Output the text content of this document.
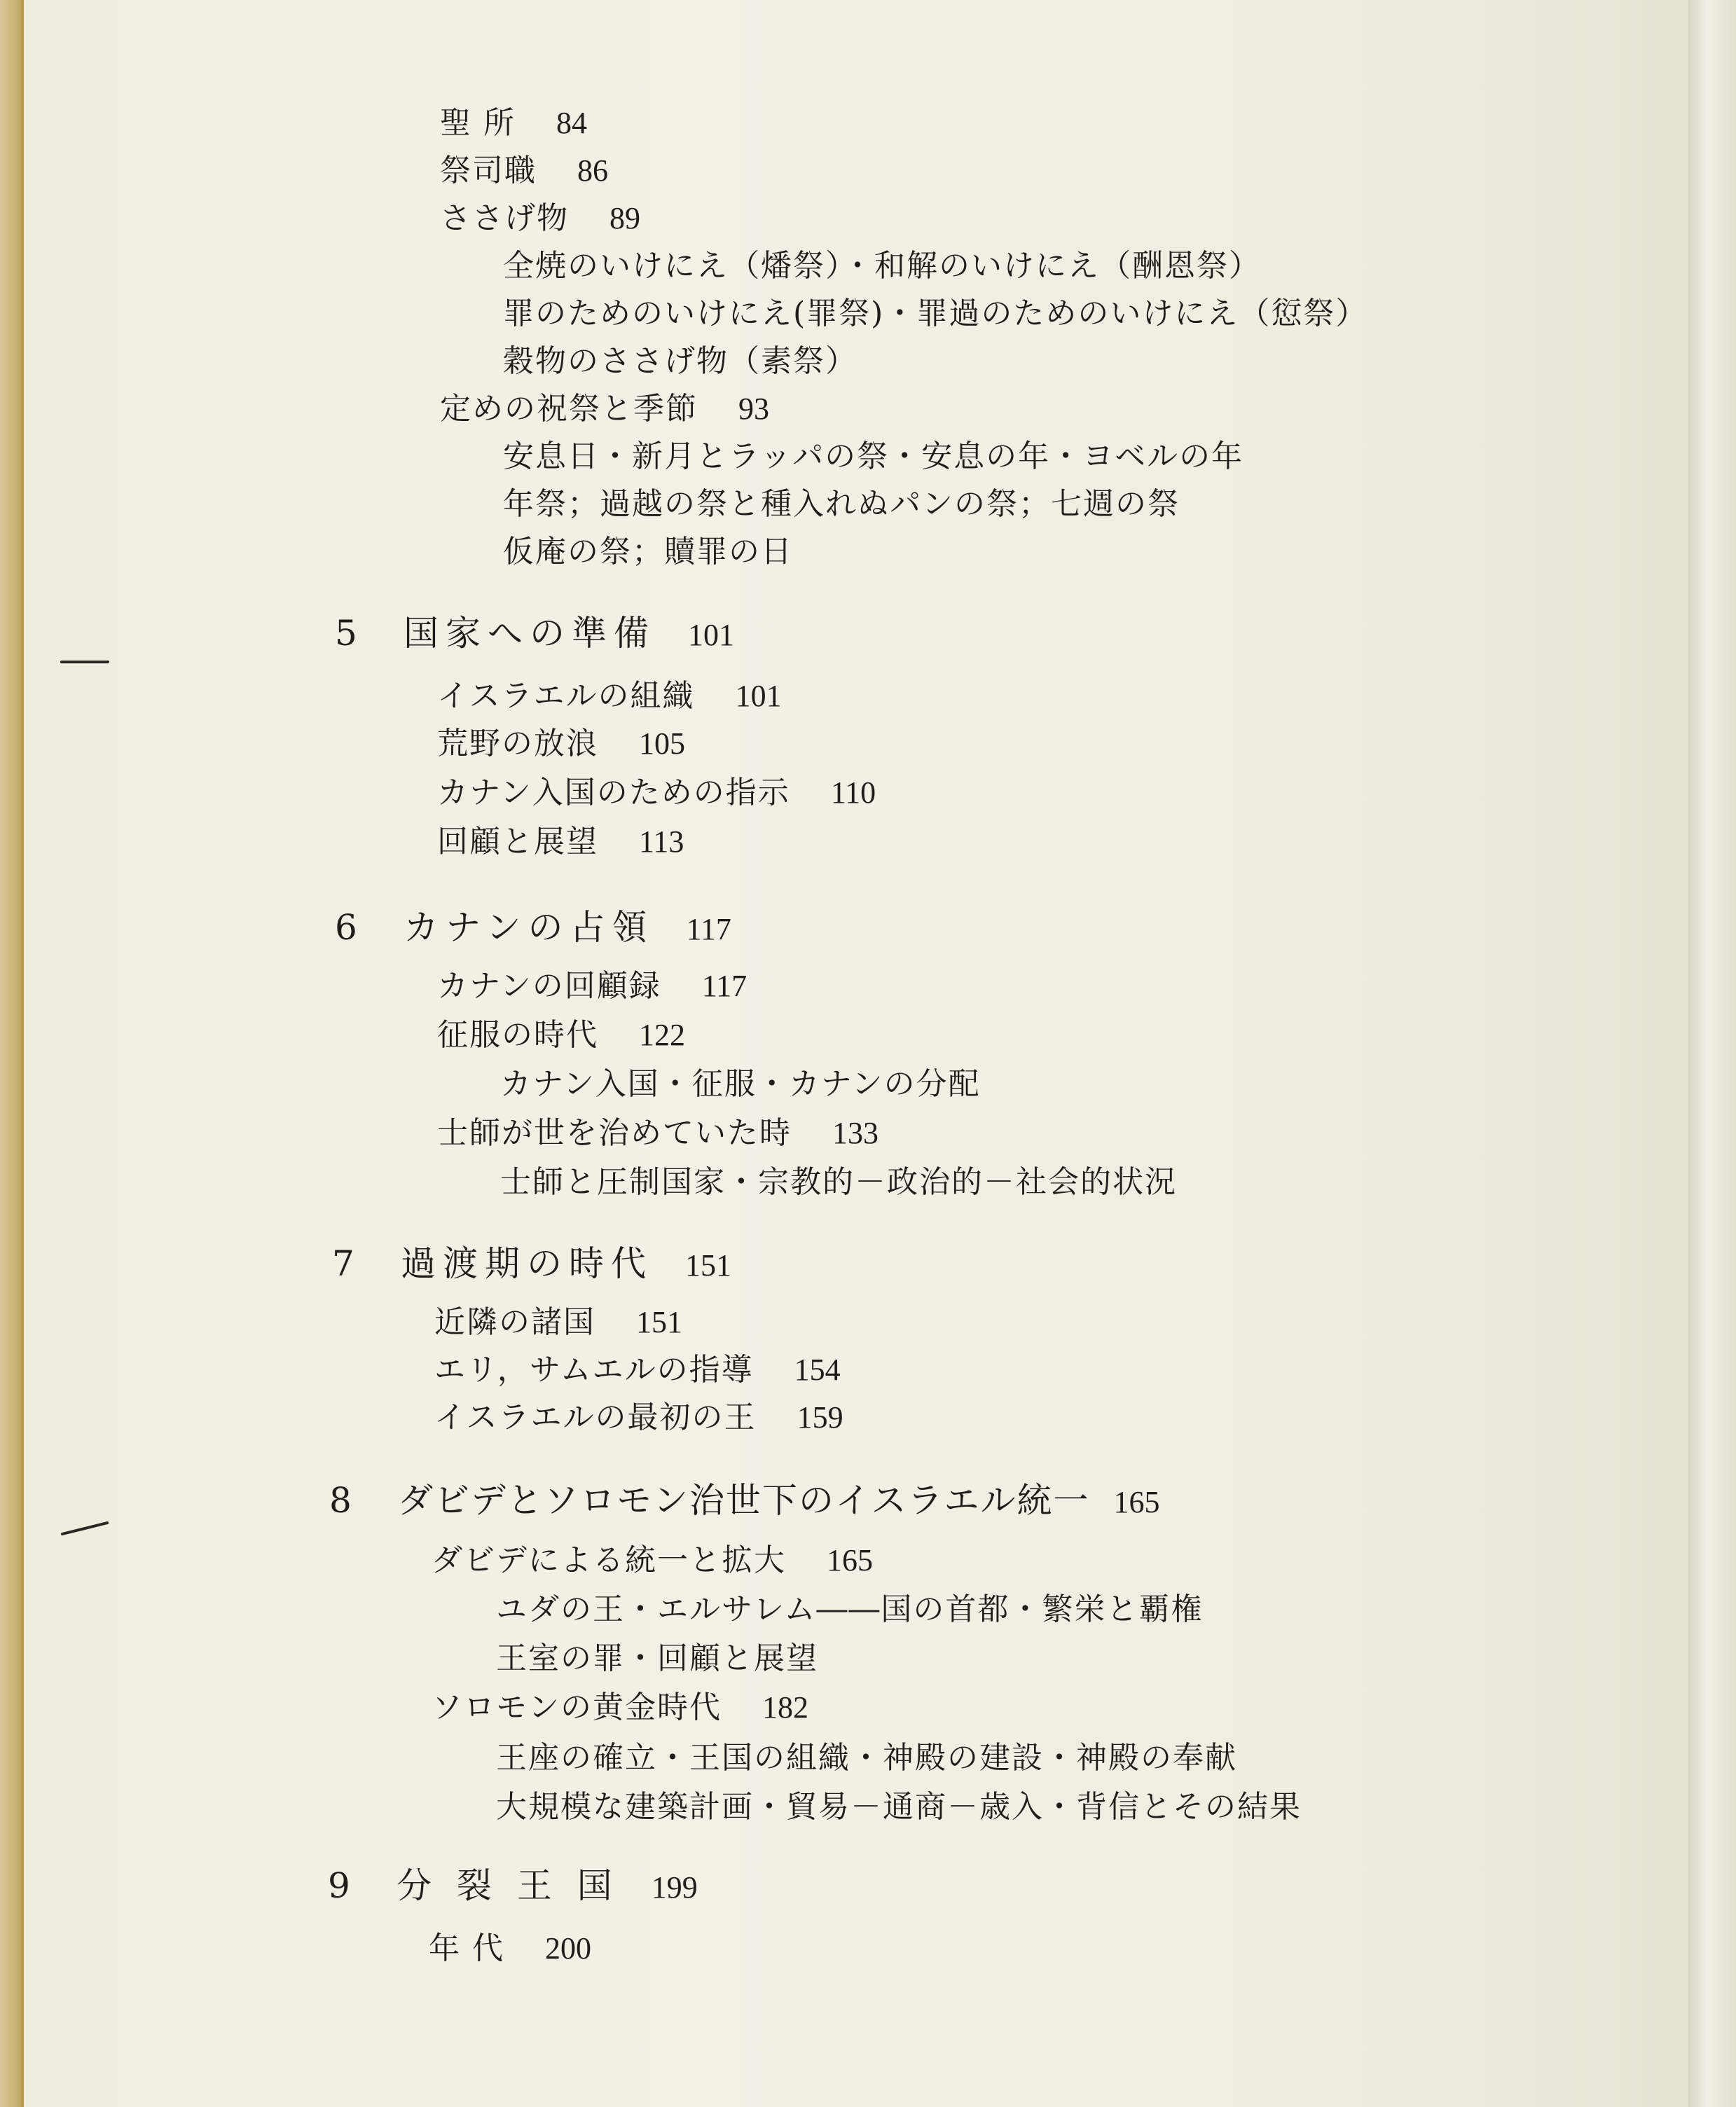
聖 所 84
祭司職 86
ささげ物 89
全焼のいけにえ（燔祭）・和解のいけにえ（酬恩祭）
罪のためのいけにえ(罪祭)・罪過のためのいけにえ（愆祭）
穀物のささげ物（素祭）
定めの祝祭と季節 93
安息日・新月とラッパの祭・安息の年・ヨベルの年
年祭；過越の祭と種入れぬパンの祭；七週の祭
仮庵の祭；贖罪の日
5 国家への準備 101
イスラエルの組織 101
荒野の放浪 105
カナン入国のための指示 110
回顧と展望 113
6 カナンの占領 117
カナンの回顧録 117
征服の時代 122
カナン入国・征服・カナンの分配
士師が世を治めていた時 133
士師と圧制国家・宗教的－政治的－社会的状況
7 過渡期の時代 151
近隣の諸国 151
エリ，サムエルの指導 154
イスラエルの最初の王 159
8 ダビデとソロモン治世下のイスラエル統一 165
ダビデによる統一と拡大 165
ユダの王・エルサレム――国の首都・繁栄と覇権
王室の罪・回顧と展望
ソロモンの黄金時代 182
王座の確立・王国の組織・神殿の建設・神殿の奉献
大規模な建築計画・貿易－通商－歳入・背信とその結果
9 分 裂 王 国 199
年 代 200
